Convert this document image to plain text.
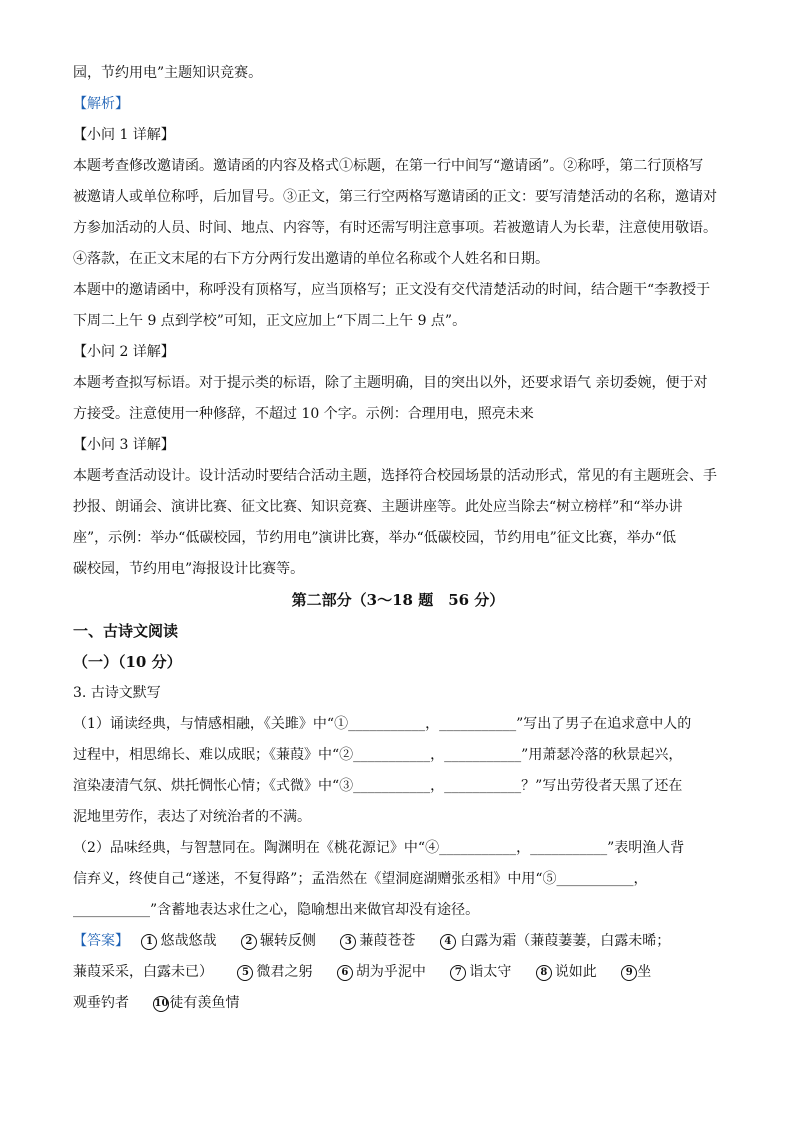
园，节约用电”主题知识竞赛。
【解析】
【小问 1 详解】
本题考查修改邀请函。邀请函的内容及格式①标题，在第一行中间写“邀请函”。②称呼，第二行顶格写
被邀请人或单位称呼，后加冒号。③正文，第三行空两格写邀请函的正文：要写清楚活动的名称，邀请对
方参加活动的人员、时间、地点、内容等，有时还需写明注意事项。若被邀请人为长辈，注意使用敬语。
④落款，在正文末尾的右下方分两行发出邀请的单位名称或个人姓名和日期。
本题中的邀请函中，称呼没有顶格写，应当顶格写；正文没有交代清楚活动的时间，结合题干“李教授于
下周二上午 9 点到学校”可知，正文应加上“下周二上午 9 点”。
【小问 2 详解】
本题考查拟写标语。对于提示类的标语，除了主题明确，目的突出以外，还要求语气 亲切委婉，便于对
方接受。注意使用一种修辞，不超过 10 个字。示例：合理用电，照亮未来
【小问 3 详解】
本题考查活动设计。设计活动时要结合活动主题，选择符合校园场景的活动形式，常见的有主题班会、手
抄报、朗诵会、演讲比赛、征文比赛、知识竞赛、主题讲座等。此处应当除去“树立榜样”和“举办讲
座”，示例：举办“低碳校园，节约用电”演讲比赛，举办“低碳校园，节约用电”征文比赛，举办“低
碳校园，节约用电”海报设计比赛等。
第二部分（3～18 题　56 分）
一、古诗文阅读
（一）（10 分）
3. 古诗文默写
（1）诵读经典，与情感相融，《关雎》中“①___________，___________”写出了男子在追求意中人的
过程中，相思绵长、难以成眠；《蒹葭》中“②___________，___________”用萧瑟冷落的秋景起兴，
渲染凄清气氛、烘托惆怅心情；《式微》中“③___________，___________？”写出劳役者天黑了还在
泥地里劳作，表达了对统治者的不满。
（2）品味经典，与智慧同在。陶渊明在《桃花源记》中“④___________，___________”表明渔人背
信弃义，终使自己“遂迷，不复得路”；孟浩然在《望洞庭湖赠张丞相》中用“⑤___________，
___________”含蓄地表达求仕之心，隐喻想出来做官却没有途径。
【答案】 1 悠哉悠哉	2 辗转反侧	3 蒹葭苍苍	4 白露为霜（蒹葭萋萋，白露未晞；
蒹葭采采，白露未已）	5 微君之躬	6 胡为乎泥中	7 诣太守	8 说如此	9 坐
观垂钓者	10徒有羡鱼情
